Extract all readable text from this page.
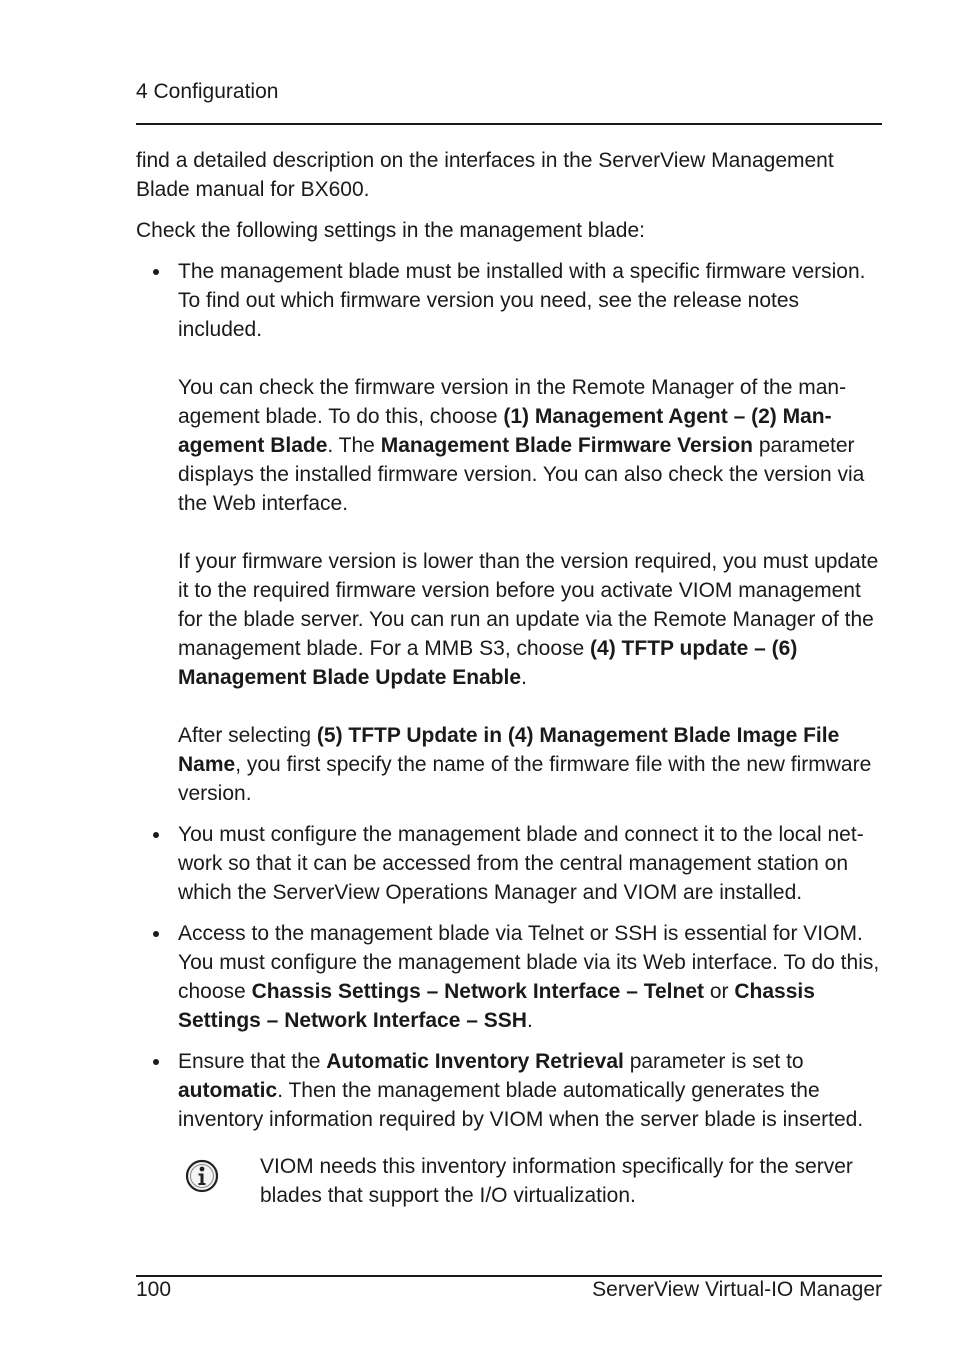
4 Configuration

find a detailed description on the interfaces in the ServerView Management Blade manual for BX600.

Check the following settings in the management blade:

The management blade must be installed with a specific firmware version. To find out which firmware version you need, see the release notes included.

You can check the firmware version in the Remote Manager of the management blade. To do this, choose (1) Management Agent – (2) Management Blade. The Management Blade Firmware Version parameter displays the installed firmware version. You can also check the version via the Web interface.

If your firmware version is lower than the version required, you must update it to the required firmware version before you activate VIOM management for the blade server. You can run an update via the Remote Manager of the management blade. For a MMB S3, choose (4) TFTP update – (6) Management Blade Update Enable.

After selecting (5) TFTP Update in (4) Management Blade Image File Name, you first specify the name of the firmware file with the new firmware version.

You must configure the management blade and connect it to the local network so that it can be accessed from the central management station on which the ServerView Operations Manager and VIOM are installed.

Access to the management blade via Telnet or SSH is essential for VIOM. You must configure the management blade via its Web interface. To do this, choose Chassis Settings – Network Interface – Telnet or Chassis Settings – Network Interface – SSH.

Ensure that the Automatic Inventory Retrieval parameter is set to automatic. Then the management blade automatically generates the inventory information required by VIOM when the server blade is inserted.

VIOM needs this inventory information specifically for the server blades that support the I/O virtualization.

100	ServerView Virtual-IO Manager
